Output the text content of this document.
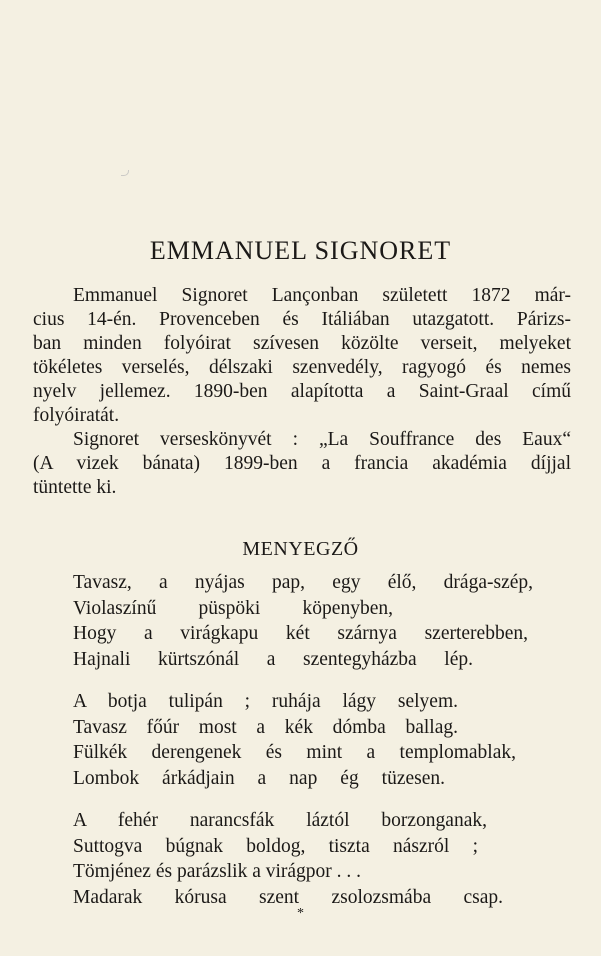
EMMANUEL SIGNORET
Emmanuel Signoret Lançonban született 1872 már-
cius 14-én. Provenceben és Itáliában utazgatott. Párizs-
ban minden folyóirat szívesen közölte verseit, melyeket
tökéletes verselés, délszaki szenvedély, ragyogó és nemes
nyelv jellemez. 1890-ben alapította a Saint-Graal című
folyóiratát.
Signoret verseskönyvét : „La Souffrance des Eaux“
(A vizek bánata) 1899-ben a francia akadémia díjjal
tüntette ki.
MENYEGZŐ
Tavasz, a nyájas pap, egy élő, drága-szép,
Violaszínű püspöki köpenyben,
Hogy a virágkapu két szárnya szerterebben,
Hajnali kürtszónál a szentegyházba lép.
A botja tulipán ; ruhája lágy selyem.
Tavasz főúr most a kék dómba ballag.
Fülkék derengenek és mint a templomablak,
Lombok árkádjain a nap ég tüzesen.
A fehér narancsfák láztól borzonganak,
Suttogva búgnak boldog, tiszta nászról ;
Tömjénez és parázslik a virágpor . . .
Madarak kórusa szent zsolozsmába csap.
*
